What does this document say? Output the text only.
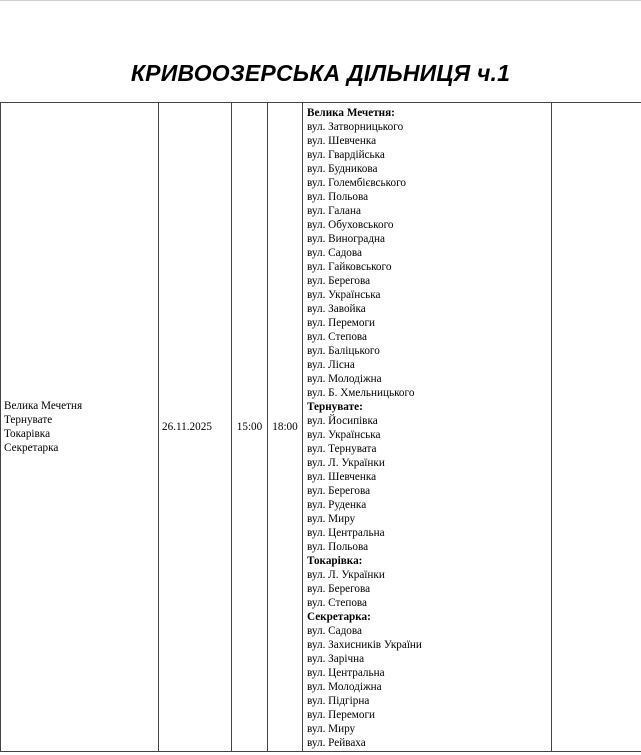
КРИВООЗЕРСЬКА ДІЛЬНИЦЯ ч.1
Велика Мечетня
Тернувате
Токарівка
Секретарка
	26.11.2025	15:00	18:00	
Велика Мечетня:
вул. Затворницького
вул. Шевченка
вул. Гвардійська
вул. Будникова
вул. Голембієвського
вул. Польова
вул. Галана
вул. Обуховського
вул. Виноградна
вул. Садова
вул. Гайковського
вул. Берегова
вул. Українська
вул. Завойка
вул. Перемоги
вул. Степова
вул. Баліцького
вул. Лісна
вул. Молодіжна
вул. Б. Хмельницького
Тернувате:
вул. Йосипівка
вул. Українська
вул. Тернувата
вул. Л. Українки
вул. Шевченка
вул. Берегова
вул. Руденка
вул. Миру
вул. Центральна
вул. Польова
Токарівка:
вул. Л. Українки
вул. Берегова
вул. Степова
Секретарка:
вул. Садова
вул. Захисників України
вул. Зарічна
вул. Центральна
вул. Молодіжна
вул. Підгірна
вул. Перемоги
вул. Миру
вул. Рейваха
